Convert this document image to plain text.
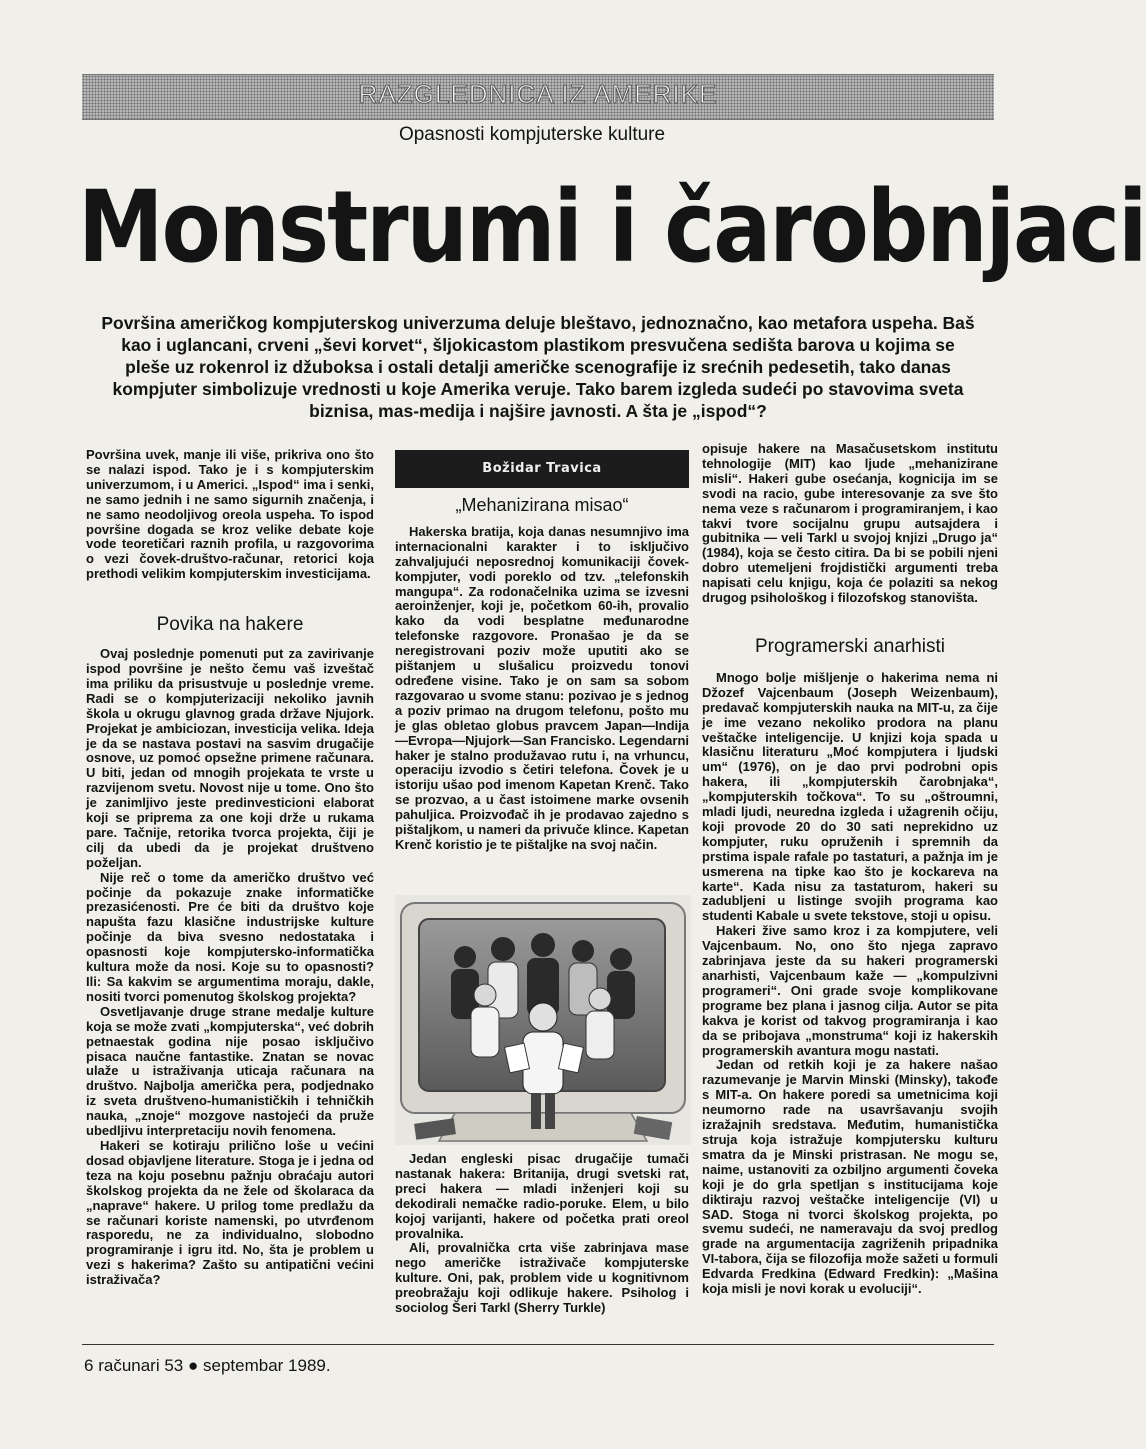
RAZGLEDNICA IZ AMERIKE
Opasnosti kompjuterske kulture
Monstrumi i čarobnjaci
Površina američkog kompjuterskog univerzuma deluje bleštavo, jednoznačno, kao metafora uspeha. Baš kao i uglancani, crveni „ševi korvet“, šljokicastom plastikom presvučena sedišta barova u kojima se pleše uz rokenrol iz džuboksa i ostali detalji američke scenografije iz srećnih pedesetih, tako danas kompjuter simbolizuje vrednosti u koje Amerika veruje. Tako barem izgleda sudeći po stavovima sveta biznisa, mas-medija i najšire javnosti. A šta je „ispod“?

Površina uvek, manje ili više, prikriva ono što se nalazi ispod. Tako je i s kompjuterskim univerzumom, i u Americi. „Ispod“ ima i senki, ne samo jednih i ne samo sigurnih značenja, i ne samo neodoljivog oreola uspeha. To ispod površine dogada se kroz velike debate koje vode teoretičari raznih profila, u razgovorima o vezi čovek-društvo-računar, retorici koja prethodi velikim kompjuterskim investicijama.

Povika na hakere

Ovaj poslednje pomenuti put za zavirivanje ispod površine je nešto čemu vaš izveštač ima priliku da prisustvuje u poslednje vreme. Radi se o kompjuterizaciji nekoliko javnih škola u okrugu glavnog grada države Njujork. Projekat je ambiciozan, investicija velika. Ideja je da se nastava postavi na sasvim drugačije osnove, uz pomoć opsežne primene računara. U biti, jedan od mnogih projekata te vrste u razvijenom svetu. Novost nije u tome. Ono što je zanimljivo jeste predinvesticioni elaborat koji se priprema za one koji drže u rukama pare. Tačnije, retorika tvorca projekta, čiji je cilj da ubedi da je projekat društveno poželjan.

Nije reč o tome da američko društvo već počinje da pokazuje znake informatičke prezasićenosti. Pre će biti da društvo koje napušta fazu klasične industrijske kulture počinje da biva svesno nedostataka i opasnosti koje kompjutersko-informatička kultura može da nosi. Koje su to opasnosti? Ili: Sa kakvim se argumentima moraju, dakle, nositi tvorci pomenutog školskog projekta?

Osvetljavanje druge strane medalje kulture koja se može zvati „kompjuterska“, već dobrih petnaestak godina nije posao isključivo pisaca naučne fantastike. Znatan se novac ulaže u istraživanja uticaja računara na društvo. Najbolja američka pera, podjednako iz sveta društveno-humanističkih i tehničkih nauka, „znoje“ mozgove nastojeći da pruže ubedljivu interpretaciju novih fenomena.

Hakeri se kotiraju prilično loše u većini dosad objavljene literature. Stoga je i jedna od teza na koju posebnu pažnju obraćaju autori školskog projekta da ne žele od školaraca da „naprave“ hakere. U prilog tome predlažu da se računari koriste namenski, po utvrđenom rasporedu, ne za individualno, slobodno programiranje i igru itd. No, šta je problem u vezi s hakerima? Zašto su antipatični većini istraživača?

Božidar Travica
„Mehanizirana misao“

Hakerska bratija, koja danas nesumnjivo ima internacionalni karakter i to isključivo zahvaljujući neposrednoj komunikaciji čovek-kompjuter, vodi poreklo od tzv. „telefonskih mangupa“. Za rodonačelnika uzima se izvesni aeroinženjer, koji je, početkom 60-ih, provalio kako da vodi besplatne međunarodne telefonske razgovore. Pronašao je da se neregistrovani poziv može uputiti ako se pištanjem u slušalicu proizvedu tonovi određene visine. Tako je on sam sa sobom razgovarao u svome stanu: pozivao je s jednog a poziv primao na drugom telefonu, pošto mu je glas obletao globus pravcem Japan—Indija—Evropa—Njujork—San Francisko. Legendarni haker je stalno produžavao rutu i, na vrhuncu, operaciju izvodio s četiri telefona. Čovek je u istoriju ušao pod imenom Kapetan Krenč. Tako se prozvao, a u čast istoimene marke ovsenih pahuljica. Proizvođač ih je prodavao zajedno s pištaljkom, u nameri da privuče klince. Kapetan Krenč koristio je te pištaljke na svoj način.

Jedan engleski pisac drugačije tumači nastanak hakera: Britanija, drugi svetski rat, preci hakera — mladi inženjeri koji su dekodirali nemačke radio-poruke. Elem, u bilo kojoj varijanti, hakere od početka prati oreol provalnika.

Ali, provalnička crta više zabrinjava mase nego američke istraživače kompjuterske kulture. Oni, pak, problem vide u kognitivnom preobražaju koji odlikuje hakere. Psiholog i sociolog Šeri Tarkl (Sherry Turkle)

opisuje hakere na Masačusetskom institutu tehnologije (MIT) kao ljude „mehanizirane misli“. Hakeri gube osećanja, kognicija im se svodi na racio, gube interesovanje za sve što nema veze s računarom i programiranjem, i kao takvi tvore socijalnu grupu autsajdera i gubitnika — veli Tarkl u svojoj knjizi „Drugo ja“ (1984), koja se često citira. Da bi se pobili njeni dobro utemeljeni frojdistički argumenti treba napisati celu knjigu, koja će polaziti sa nekog drugog psihološkog i filozofskog stanovišta.

Programerski anarhisti

Mnogo bolje mišljenje o hakerima nema ni Džozef Vajcenbaum (Joseph Weizenbaum), predavač kompjuterskih nauka na MIT-u, za čije je ime vezano nekoliko prodora na planu veštačke inteligencije. U knjizi koja spada u klasičnu literaturu „Moć kompjutera i ljudski um“ (1976), on je dao prvi podrobni opis hakera, ili „kompjuterskih čarobnjaka“, „kompjuterskih točkova“. To su „oštroumni, mladi ljudi, neuredna izgleda i užagrenih očiju, koji provode 20 do 30 sati neprekidno uz kompjuter, ruku opruženih i spremnih da prstima ispale rafale po tastaturi, a pažnja im je usmerena na tipke kao što je kockareva na karte“. Kada nisu za tastaturom, hakeri su zadubljeni u listinge svojih programa kao studenti Kabale u svete tekstove, stoji u opisu.

Hakeri žive samo kroz i za kompjutere, veli Vajcenbaum. No, ono što njega zapravo zabrinjava jeste da su hakeri programerski anarhisti, Vajcenbaum kaže — „kompulzivni programeri“. Oni grade svoje komplikovane programe bez plana i jasnog cilja. Autor se pita kakva je korist od takvog programiranja i kao da se pribojava „monstruma“ koji iz hakerskih programerskih avantura mogu nastati.

Jedan od retkih koji je za hakere našao razumevanje je Marvin Minski (Minsky), takođe s MIT-a. On hakere poredi sa umetnicima koji neumorno rade na usavršavanju svojih izražajnih sredstava. Međutim, humanistička struja koja istražuje kompjutersku kulturu smatra da je Minski pristrasan. Ne mogu se, naime, ustanoviti za ozbiljno argumenti čoveka koji je do grla spetljan s institucijama koje diktiraju razvoj veštačke inteligencije (VI) u SAD. Stoga ni tvorci školskog projekta, po svemu sudeći, ne nameravaju da svoj predlog grade na argumentacija zagriženih pripadnika VI-tabora, čija se filozofija može sažeti u formuli Edvarda Fredkina (Edward Fredkin): „Mašina koja misli je novi korak u evoluciji“.

6 računari 53 ● septembar 1989.
